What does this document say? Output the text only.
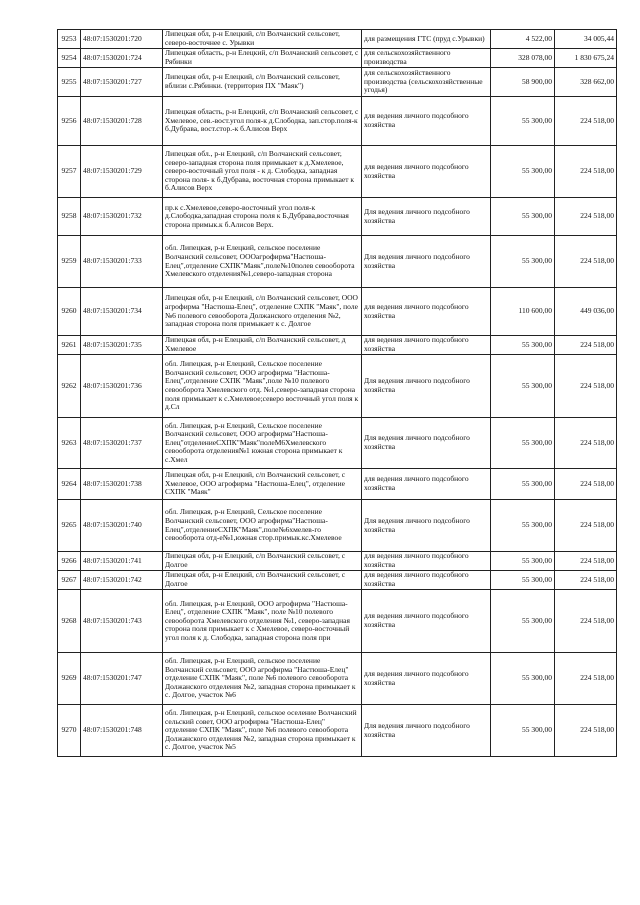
9253	48:07:1530201:720	Липецкая обл, р-н Елецкий, с/п Волчанский сельсовет, северо-восточнее с. Урывки	для размещения ГТС (пруд с.Урывки)	4 522,00	34 005,44
9254	48:07:1530201:724	Липецкая область, р-н Елецкий, с/п Волчанский сельсовет, с Рябинки	для сельскохозяйственного производства	328 078,00	1 830 675,24
9255	48:07:1530201:727	Липецкая обл, р-н Елецкий, с/п Волчанский сельсовет, вблизи с.Рябинки. (территория ПХ "Маяк")	для сельскохозяйственного производства (сельскохозяйственные угодья)	58 900,00	328 662,00
9256	48:07:1530201:728	Липецкая область, р-н Елецкий, с/п Волчанский сельсовет, с Хмелевое, сев.-вост.угол поля-к д.Слободка, зап.стор.поля-к б.Дубрава, вост.стор.-к б.Алисов Верх	для ведения личного подсобного хозяйства	55 300,00	224 518,00
9257	48:07:1530201:729	Липецкая обл., р-н Елецкий, с/п Волчанский сельсовет, северо-западная сторона поля примыкает к д.Хмелевое, северо-восточный угол поля - к д. Слободка, западная сторона поля- к б.Дубрава, восточная сторона примыкает к б.Алисов Верх	для ведения личного подсобного хозяйства	55 300,00	224 518,00
9258	48:07:1530201:732	пр.к с.Хмелевое,северо-восточный угол поля-к д.Слободка,западная сторона поля к Б.Дубрава,восточная сторона примык.к б.Алисов Верх.	Для ведения личного подсобного хозяйства	55 300,00	224 518,00
9259	48:07:1530201:733	обл. Липецкая, р-н Елецкий, сельское поселение Волчанский сельсовет, ОООагрофирма"Настюша-Елец",отделение СХПК"Маяк",поле№10полев севооборота Хмелевского отделения№1,северо-западная сторона	Для ведения личного подсобного хозяйства	55 300,00	224 518,00
9260	48:07:1530201:734	Липецкая обл, р-н Елецкий, с/п Волчанский сельсовет, ООО агрофирма "Настюша-Елец", отделение СХПК "Маяк", поле №6 полевого севооборота Должанского отделения №2, западная сторона поля примыкает к с. Долгое	для ведения личного подсобного хозяйства	110 600,00	449 036,00
9261	48:07:1530201:735	Липецкая обл, р-н Елецкий, с/п Волчанский сельсовет, д Хмелевое	для ведения личного подсобного хозяйства	55 300,00	224 518,00
9262	48:07:1530201:736	обл. Липецкая, р-н Елецкий, Сельское поселение Волчанский сельсовет, ООО агрофирма "Настюша-Елец",отделение СХПК "Маяк",поле №10 полевого севооборота Хмелевского отд. №1,северо-западная сторона поля примыкает к с.Хмелевое;северо восточный угол поля к д.Сл	Для ведения личного подсобного хозяйства	55 300,00	224 518,00
9263	48:07:1530201:737	обл. Липецкая, р-н Елецкий, Сельское поселение Волчанский сельсовет, ООО агрофирма"Настюша-Елец"отделениеСХПК"Маяк"полеМ6Хмелевского севооборота отделения№1 южная сторона примыкает к с.Хмел	Для ведения личного подсобного хозяйства	55 300,00	224 518,00
9264	48:07:1530201:738	Липецкая обл, р-н Елецкий, с/п Волчанский сельсовет, с Хмелевое, ООО агрофирма "Настюша-Елец", отделение СХПК "Маяк"	для ведения личного подсобного хозяйства	55 300,00	224 518,00
9265	48:07:1530201:740	обл. Липецкая, р-н Елецкий, Сельское поселение Волчанский сельсовет, ООО агрофирма"Настюша-Елец",отделениеСХПК"Маяк",поле№6хмелев-го севооборота отд-е№1,южная стор.примык.кс.Хмелевое	Для ведения личного подсобного хозяйства	55 300,00	224 518,00
9266	48:07:1530201:741	Липецкая обл, р-н Елецкий, с/п Волчанский сельсовет, с Долгое	для ведения личного подсобного хозяйства	55 300,00	224 518,00
9267	48:07:1530201:742	Липецкая обл, р-н Елецкий, с/п Волчанский сельсовет, с Долгое	для ведения личного подсобного хозяйства	55 300,00	224 518,00
9268	48:07:1530201:743	обл. Липецкая, р-н Елецкий, ООО агрофирма "Настюша-Елец", отделение СХПК "Маяк", поле №10 полевого севооборота Хмелевского отделения №1, северо-западная сторона поля примыкает к с Хмелевое, северо-восточный угол поля к д. Слободка, западная сторона поля при	для ведения личного подсобного хозяйства	55 300,00	224 518,00
9269	48:07:1530201:747	обл. Липецкая, р-н Елецкий, сельское поселение Волчанский сельсовет, ООО агрофирма "Настюша-Елец" отделение СХПК "Маяк", поле №6 полевого севооборота Должанского отделения №2, западная сторона примыкает к с. Долгое, участок №6	для ведения личного подсобного хозяйства	55 300,00	224 518,00
9270	48:07:1530201:748	обл. Липецкая, р-н Елецкий, сельское оселение Волчанский сельский совет, ООО агрофирма "Настюша-Елец" отделение СХПК "Маяк", поле №6 полевого севооборота Должанского отделения №2, западная сторона примыкает к с. Долгое, участок №5	Для ведения личного подсобного хозяйства	55 300,00	224 518,00
